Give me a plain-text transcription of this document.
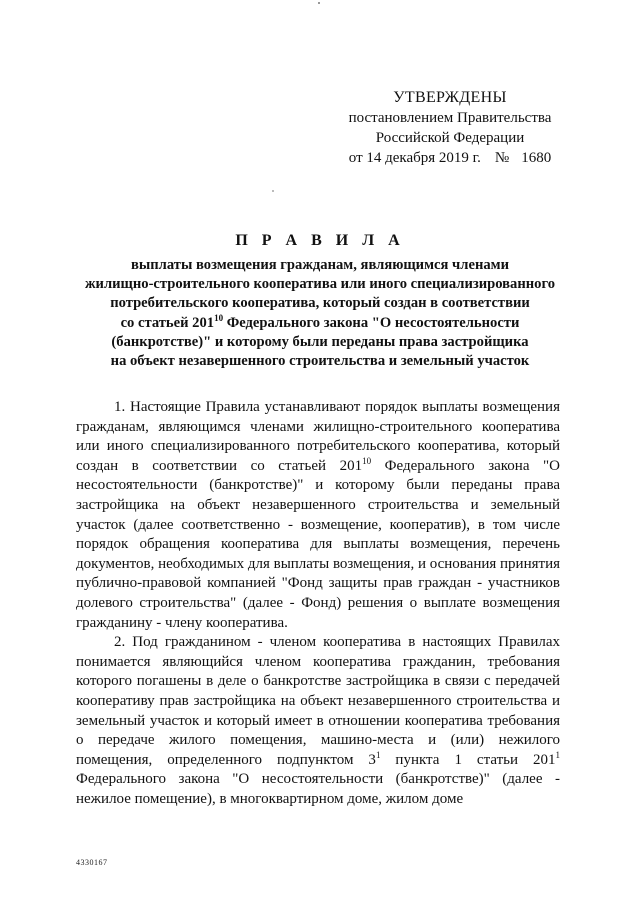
УТВЕРЖДЕНЫ
постановлением Правительства
Российской Федерации
от 14 декабря 2019 г. № 1680
П Р А В И Л А
выплаты возмещения гражданам, являющимся членами
жилищно-строительного кооператива или иного специализированного
потребительского кооператива, который создан в соответствии
со статьей $201^{10}$ Федерального закона "О несостоятельности
(банкротстве)" и которому были переданы права застройщика
на объект незавершенного строительства и земельный участок

1. Настоящие Правила устанавливают порядок выплаты возмещения гражданам, являющимся членами жилищно-строительного кооператива или иного специализированного потребительского кооператива, который создан в соответствии со статьей $201^{10}$ Федерального закона "О несостоятельности (банкротстве)" и которому были переданы права застройщика на объект незавершенного строительства и земельный участок (далее соответственно - возмещение, кооператив), в том числе порядок обращения кооператива для выплаты возмещения, перечень документов, необходимых для выплаты возмещения, и основания принятия публично-правовой компанией "Фонд защиты прав граждан - участников долевого строительства" (далее - Фонд) решения о выплате возмещения гражданину - члену кооператива.

2. Под гражданином - членом кооператива в настоящих Правилах понимается являющийся членом кооператива гражданин, требования которого погашены в деле о банкротстве застройщика в связи с передачей кооперативу прав застройщика на объект незавершенного строительства и земельный участок и который имеет в отношении кооператива требования о передаче жилого помещения, машино-места и (или) нежилого помещения, определенного подпунктом $3^1$ пункта 1 статьи $201^1$ Федерального закона "О несостоятельности (банкротстве)" (далее - нежилое помещение), в многоквартирном доме, жилом доме

4330167
